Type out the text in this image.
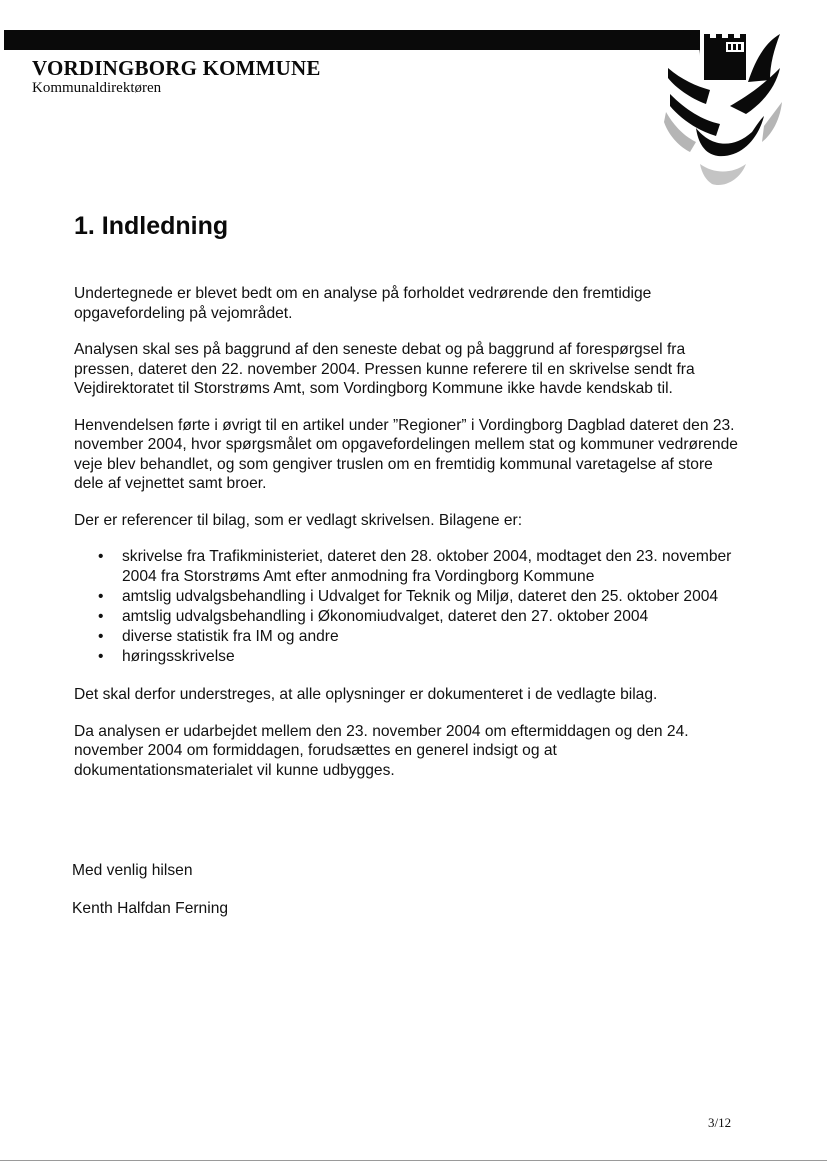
VORDINGBORG KOMMUNE
Kommunaldirektøren
1. Indledning

Undertegnede er blevet bedt om en analyse på forholdet vedrørende den fremtidige opgavefordeling på vejområdet.

Analysen skal ses på baggrund af den seneste debat og på baggrund af forespørgsel fra pressen, dateret den 22. november 2004. Pressen kunne referere til en skrivelse sendt fra Vejdirektoratet til Storstrøms Amt, som Vordingborg Kommune ikke havde kendskab til.

Henvendelsen førte i øvrigt til en artikel under ”Regioner” i Vordingborg Dagblad dateret den 23. november 2004, hvor spørgsmålet om opgavefordelingen mellem stat og kommuner vedrørende veje blev behandlet, og som gengiver truslen om en fremtidig kommunal varetagelse af store dele af vejnettet samt broer.

Der er referencer til bilag, som er vedlagt skrivelsen. Bilagene er:

• skrivelse fra Trafikministeriet, dateret den 28. oktober 2004, modtaget den 23. november 2004 fra Storstrøms Amt efter anmodning fra Vordingborg Kommune
• amtslig udvalgsbehandling i Udvalget for Teknik og Miljø, dateret den 25. oktober 2004
• amtslig udvalgsbehandling i Økonomiudvalget, dateret den 27. oktober 2004
• diverse statistik fra IM og andre
• høringsskrivelse

Det skal derfor understreges, at alle oplysninger er dokumenteret i de vedlagte bilag.

Da analysen er udarbejdet mellem den 23. november 2004 om eftermiddagen og den 24. november 2004 om formiddagen, forudsættes en generel indsigt og at dokumentationsmaterialet vil kunne udbygges.

Med venlig hilsen
Kenth Halfdan Ferning
3/12
